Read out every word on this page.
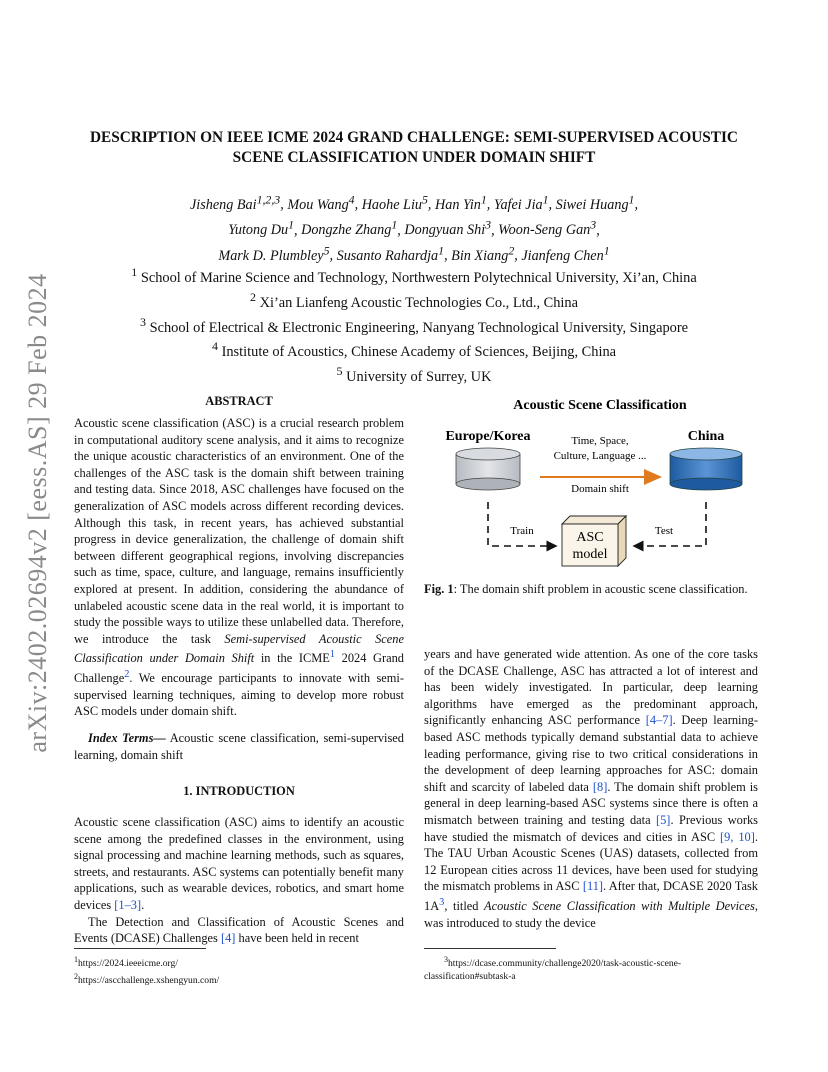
arXiv:2402.02694v2 [eess.AS] 29 Feb 2024
DESCRIPTION ON IEEE ICME 2024 GRAND CHALLENGE: SEMI-SUPERVISED ACOUSTIC SCENE CLASSIFICATION UNDER DOMAIN SHIFT
Jisheng Bai$^{1,2,3}$, Mou Wang$^4$, Haohe Liu$^5$, Han Yin$^1$, Yafei Jia$^1$, Siwei Huang$^1$,
Yutong Du$^1$, Dongzhe Zhang$^1$, Dongyuan Shi$^3$, Woon-Seng Gan$^3$,
Mark D. Plumbley$^5$, Susanto Rahardja$^1$, Bin Xiang$^2$, Jianfeng Chen$^1$
$^1$ School of Marine Science and Technology, Northwestern Polytechnical University, Xi’an, China
$^2$ Xi’an Lianfeng Acoustic Technologies Co., Ltd., China
$^3$ School of Electrical & Electronic Engineering, Nanyang Technological University, Singapore
$^4$ Institute of Acoustics, Chinese Academy of Sciences, Beijing, China
$^5$ University of Surrey, UK
ABSTRACT

Acoustic scene classification (ASC) is a crucial research problem in computational auditory scene analysis, and it aims to recognize the unique acoustic characteristics of an environment. One of the challenges of the ASC task is the domain shift between training and testing data. Since 2018, ASC challenges have focused on the generalization of ASC models across different recording devices. Although this task, in recent years, has achieved substantial progress in device generalization, the challenge of domain shift between different geographical regions, involving discrepancies such as time, space, culture, and language, remains insufficiently explored at present. In addition, considering the abundance of unlabeled acoustic scene data in the real world, it is important to study the possible ways to utilize these unlabelled data. Therefore, we introduce the task Semi-supervised Acoustic Scene Classification under Domain Shift in the ICME$^1$ 2024 Grand Challenge$^2$. We encourage participants to innovate with semi-supervised learning techniques, aiming to develop more robust ASC models under domain shift.

Index Terms— Acoustic scene classification, semi-supervised learning, domain shift

1. INTRODUCTION

Acoustic scene classification (ASC) aims to identify an acoustic scene among the predefined classes in the environment, using signal processing and machine learning methods, such as squares, streets, and restaurants. ASC systems can potentially benefit many applications, such as wearable devices, robotics, and smart home devices [1–3].

The Detection and Classification of Acoustic Scenes and Events (DCASE) Challenges [4] have been held in recent

$^1$https://2024.ieeeicme.org/
$^2$https://ascchallenge.xshengyun.com/
Acoustic Scene Classification
Europe/Korea	China
Time, Space,
Culture, Language ...
Domain shift
Train	Test
ASC
model
Fig. 1: The domain shift problem in acoustic scene classification.

years and have generated wide attention. As one of the core tasks of the DCASE Challenge, ASC has attracted a lot of interest and has been widely investigated. In particular, deep learning algorithms have emerged as the predominant approach, significantly enhancing ASC performance [4–7]. Deep learning-based ASC methods typically demand substantial data to achieve leading performance, giving rise to two critical considerations in the development of deep learning approaches for ASC: domain shift and scarcity of labeled data [8]. The domain shift problem is general in deep learning-based ASC systems since there is often a mismatch between training and testing data [5]. Previous works have studied the mismatch of devices and cities in ASC [9, 10]. The TAU Urban Acoustic Scenes (UAS) datasets, collected from 12 European cities across 11 devices, have been used for studying the mismatch problems in ASC [11]. After that, DCASE 2020 Task 1A$^3$, titled Acoustic Scene Classification with Multiple Devices, was introduced to study the device

$^3$https://dcase.community/challenge2020/task-acoustic-scene-classification#subtask-a
